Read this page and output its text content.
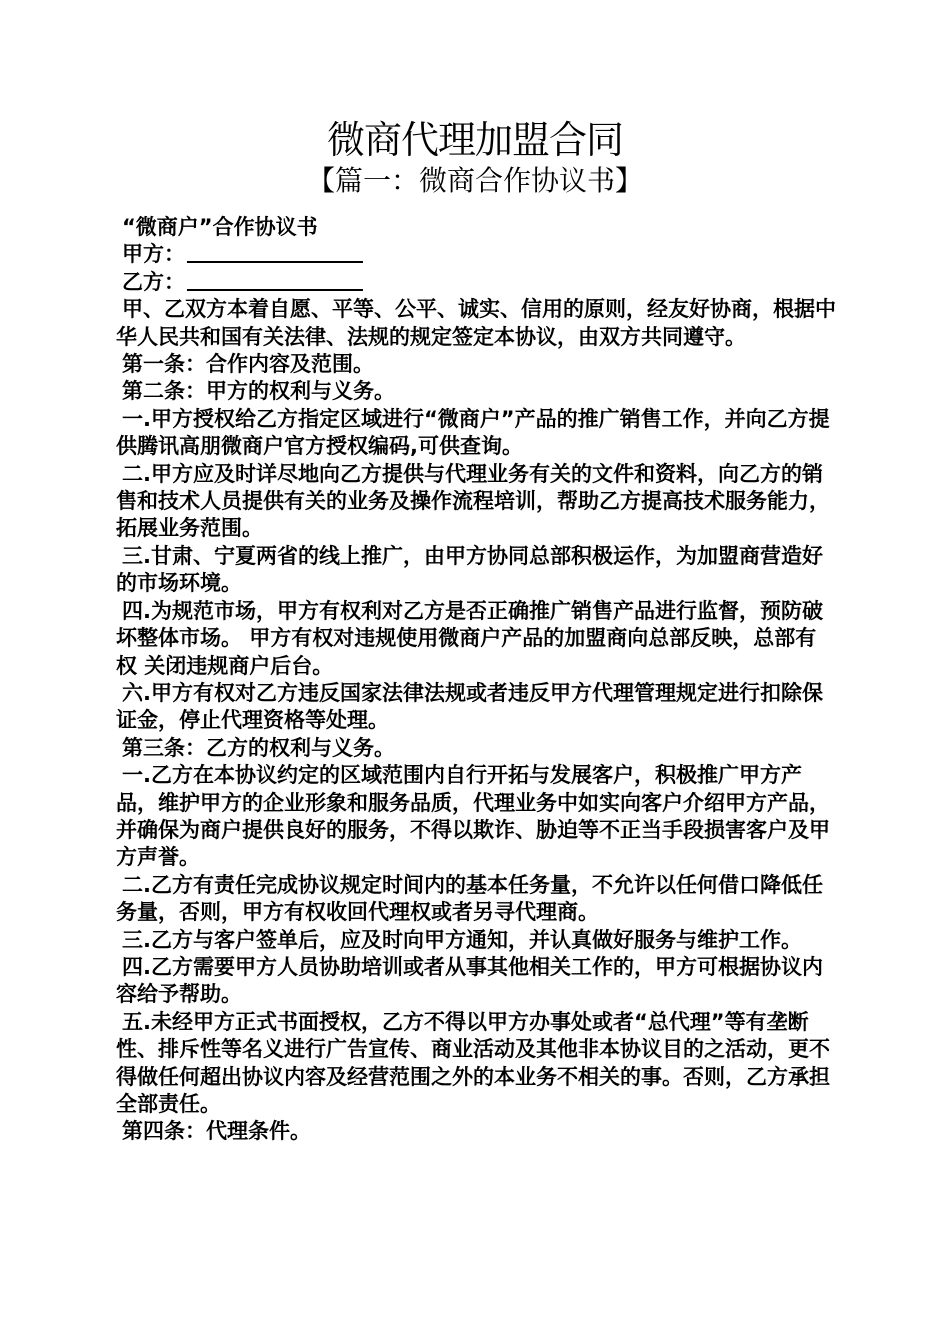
微商代理加盟合同
【篇一：微商合作协议书】

“微商户”合作协议书

甲方：

乙方：

甲、乙双方本着自愿、平等、公平、诚实、信用的原则，经友好协商，根据中华人民共和国有关法律、法规的规定签定本协议，由双方共同遵守。

第一条：合作内容及范围。

第二条：甲方的权利与义务。

一.甲方授权给乙方指定区域进行“微商户”产品的推广销售工作，并向乙方提供腾讯高朋微商户官方授权编码,可供查询。

二.甲方应及时详尽地向乙方提供与代理业务有关的文件和资料，向乙方的销售和技术人员提供有关的业务及操作流程培训，帮助乙方提高技术服务能力，拓展业务范围。

三.甘肃、宁夏两省的线上推广，由甲方协同总部积极运作，为加盟商营造好的市场环境。

四.为规范市场，甲方有权利对乙方是否正确推广销售产品进行监督，预防破坏整体市场。 甲方有权对违规使用微商户产品的加盟商向总部反映，总部有权 关闭违规商户后台。

六.甲方有权对乙方违反国家法律法规或者违反甲方代理管理规定进行扣除保证金，停止代理资格等处理。

第三条：乙方的权利与义务。

一.乙方在本协议约定的区域范围内自行开拓与发展客户，积极推广甲方产品，维护甲方的企业形象和服务品质，代理业务中如实向客户介绍甲方产品，并确保为商户提供良好的服务，不得以欺诈、胁迫等不正当手段损害客户及甲方声誉。

二.乙方有责任完成协议规定时间内的基本任务量，不允许以任何借口降低任务量，否则，甲方有权收回代理权或者另寻代理商。

三.乙方与客户签单后，应及时向甲方通知，并认真做好服务与维护工作。

四.乙方需要甲方人员协助培训或者从事其他相关工作的，甲方可根据协议内容给予帮助。

五.未经甲方正式书面授权，乙方不得以甲方办事处或者“总代理”等有垄断性、排斥性等名义进行广告宣传、商业活动及其他非本协议目的之活动，更不得做任何超出协议内容及经营范围之外的本业务不相关的事。否则，乙方承担全部责任。

第四条：代理条件。
